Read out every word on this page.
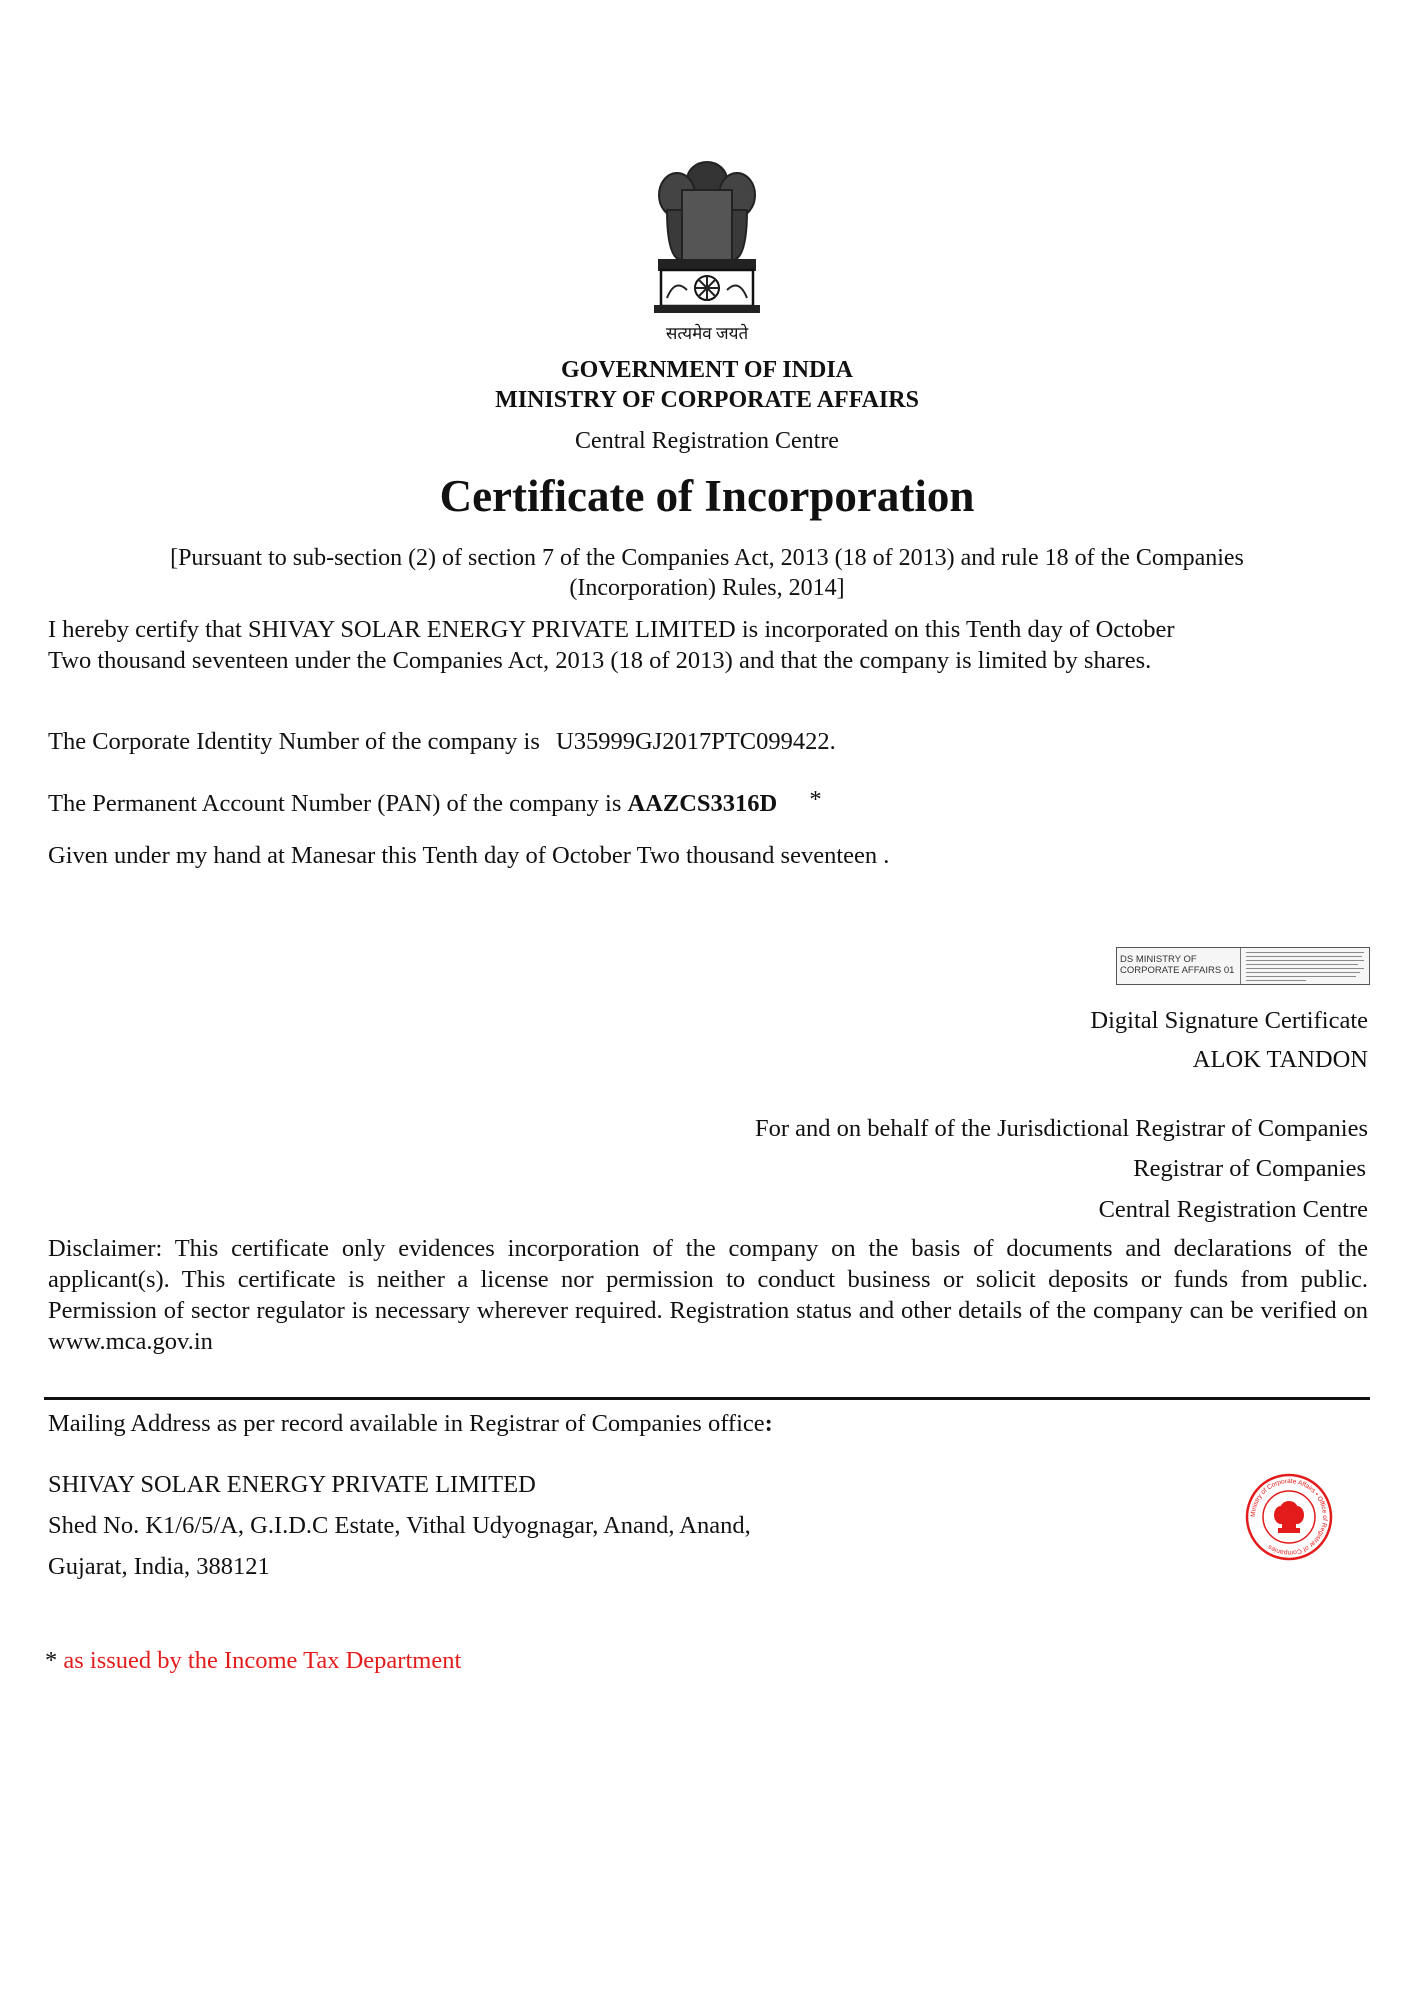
सत्यमेव जयते
GOVERNMENT OF INDIA
MINISTRY OF CORPORATE AFFAIRS
Central Registration Centre
Certificate of Incorporation
[Pursuant to sub-section (2) of section 7 of the Companies Act, 2013 (18 of 2013) and rule 18 of the Companies
(Incorporation) Rules, 2014]
I hereby certify that SHIVAY SOLAR ENERGY PRIVATE LIMITED is incorporated on this Tenth day of October
Two thousand seventeen under the Companies Act, 2013 (18 of 2013) and that the company is limited by shares.
The Corporate Identity Number of the company is U35999GJ2017PTC099422.
The Permanent Account Number (PAN) of the company is AAZCS3316D *
Given under my hand at Manesar this Tenth day of October Two thousand seventeen .
DS MINISTRY OF
CORPORATE AFFAIRS 01
Digital Signature Certificate
ALOK TANDON
For and on behalf of the Jurisdictional Registrar of Companies
Registrar of Companies
Central Registration Centre
Disclaimer: This certificate only evidences incorporation of the company on the basis of documents and declarations of the applicant(s). This certificate is neither a license nor permission to conduct business or solicit deposits or funds from public. Permission of sector regulator is necessary wherever required. Registration status and other details of the company can be verified on www.mca.gov.in
Mailing Address as per record available in Registrar of Companies office:
SHIVAY SOLAR ENERGY PRIVATE LIMITED
Shed No. K1/6/5/A, G.I.D.C Estate, Vithal Udyognagar, Anand, Anand,
Gujarat, India, 388121
Ministry of Corporate Affairs • Office of Registrar of Companies
* as issued by the Income Tax Department
